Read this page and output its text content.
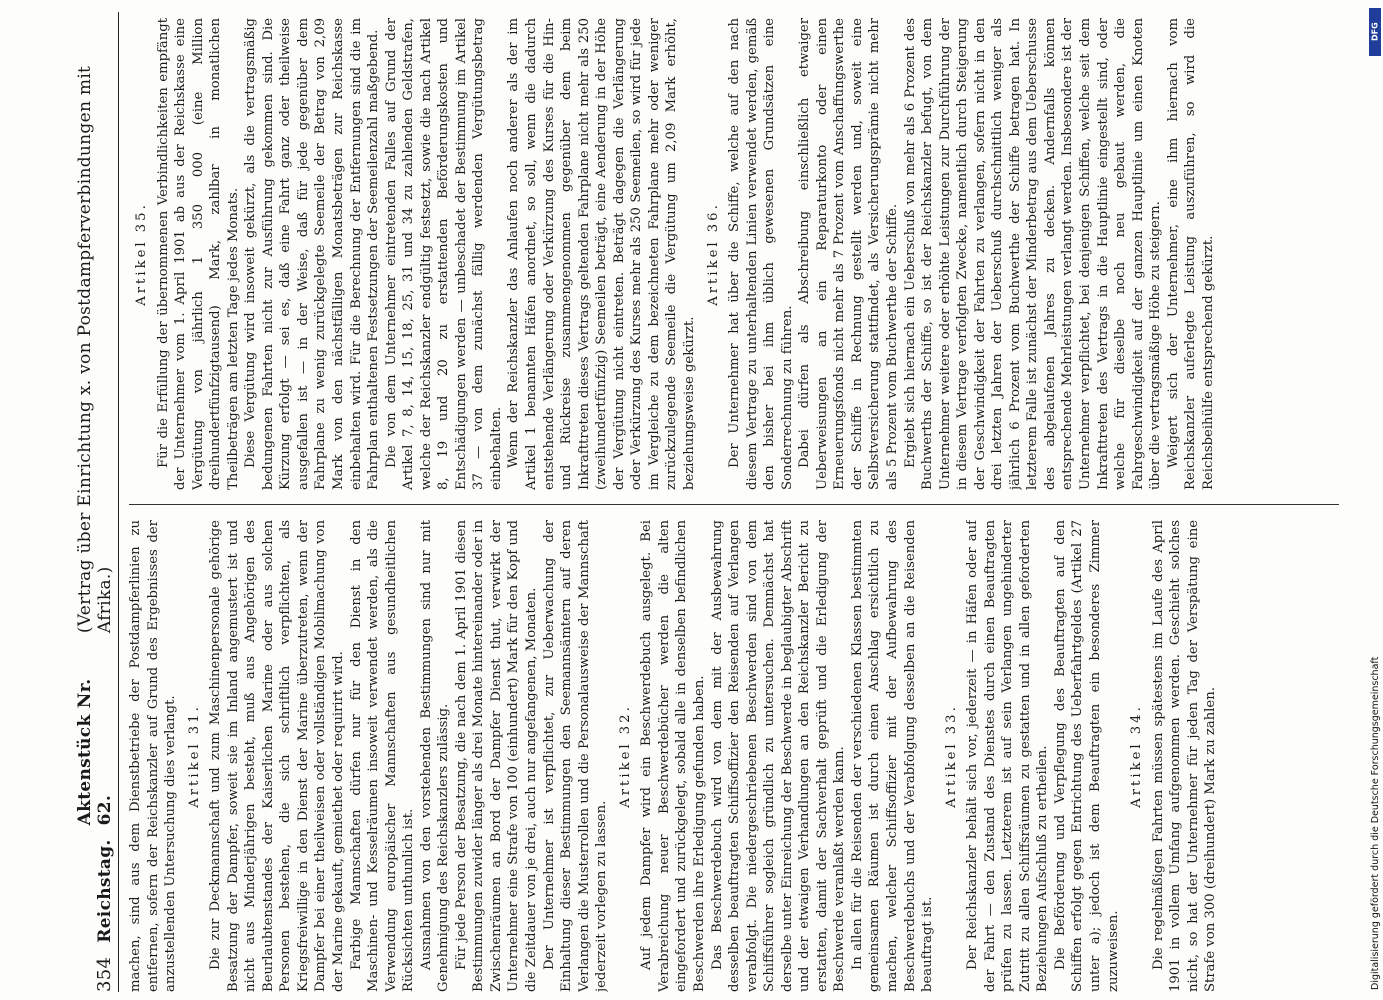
354
Reichstag.
Aktenstück Nr. 62.
(Vertrag über Einrichtung x. von Postdampferverbindungen mit Afrika.) machen, sind aus dem Dienstbetriebe der Postdampferlinien zu entfernen, sofern der Reichskanzler auf Grund des Ergebnisses der anzustellenden Untersuchung dies verlangt. Artikel 31. Die zur Deckmannschaft und zum Maschinenpersonale gehörige Besatzung der Dampfer, soweit sie im Inland angemustert ist und nicht aus Minderjährigen besteht, muß aus Angehörigen des Beurlaubtenstandes der Kaiserlichen Marine oder aus solchen Personen bestehen, die sich schriftlich verpflichten, als Kriegsfreiwillige in den Dienst der Marine überzutreten, wenn der Dampfer bei einer theilweisen oder vollständigen Mobilmachung von der Marine gekauft, gemiethet oder requirirt wird. Farbige Mannschaften dürfen nur für den Dienst in den Maschinen- und Kesselräumen insoweit verwendet werden, als die Verwendung europäischer Mannschaften aus gesundheitlichen Rücksichten unthunlich ist. Ausnahmen von den vorstehenden Bestimmungen sind nur mit Genehmigung des Reichskanzlers zulässig. Für jede Person der Besatzung, die nach dem 1. April 1901 diesen Bestimmungen zuwider länger als drei Monate hintereinander oder in Zwischenräumen an Bord der Dampfer Dienst thut, verwirkt der Unternehmer eine Strafe von 100 (einhundert) Mark für den Kopf und die Zeitdauer von je drei, auch nur angefangenen, Monaten. Der Unternehmer ist verpflichtet, zur Ueberwachung der Einhaltung dieser Bestimmungen den Seemannsämtern auf deren Verlangen die Musterrollen und die Personalausweise der Mannschaft jederzeit vorlegen zu lassen.

Artikel 32. Auf jedem Dampfer wird ein Beschwerdebuch ausgelegt. Bei Verabreichung neuer Beschwerdebücher werden die alten eingefordert und zurückgelegt, sobald alle in denselben befindlichen Beschwerden ihre Erledigung gefunden haben. Das Beschwerdebuch wird von dem mit der Ausbewahrung desselben beauftragten Schiffsoffizier den Reisenden auf Verlangen verabfolgt. Die niedergeschriebenen Beschwerden sind von dem Schiffsführer sogleich gründlich zu untersuchen. Demnächst hat derselbe unter Einreichung der Beschwerde in beglaubigter Abschrift und der etwaigen Verhandlungen an den Reichskanzler Bericht zu erstatten, damit der Sachverhalt geprüft und die Erledigung der Beschwerde veranlaßt werden kann. In allen für die Reisenden der verschiedenen Klassen bestimmten gemeinsamen Räumen ist durch einen Anschlag ersichtlich zu machen, welcher Schiffsoffizier mit der Aufbewahrung des Beschwerdebuchs und der Verabfolgung desselben an die Reisenden beauftragt ist.

Artikel 33. Der Reichskanzler behält sich vor, jederzeit — in Häfen oder auf der Fahrt — den Zustand des Dienstes durch einen Beauftragten prüfen zu lassen. Letzterem ist auf sein Verlangen ungehinderter Zutritt zu allen Schiffsräumen zu gestatten und in allen geforderten Beziehungen Aufschluß zu ertheilen. Die Beförderung und Verpflegung des Beauftragten auf den Schiffen erfolgt gegen Entrichtung des Ueberfahrtgeldes (Artikel 27 unter a); jedoch ist dem Beauftragten ein besonderes Zimmer zuzuweisen.

Artikel 34. Die regelmäßigen Fahrten müssen spätestens im Laufe des April 1901 in vollem Umfang aufgenommen werden. Geschieht solches nicht, so hat der Unternehmer für jeden Tag der Verspätung eine Strafe von 300 (dreihundert) Mark zu zahlen.

Artikel 35. Für die Erfüllung der übernommenen Verbindlichkeiten empfängt der Unternehmer vom 1. April 1901 ab aus der Reichskasse eine Vergütung von jährlich 1 350 000 (eine Million dreihundertfünfzigtausend) Mark, zahlbar in monatlichen Theilbeträgen am letzten Tage jedes Monats. Diese Vergütung wird insoweit gekürzt, als die vertragsmäßig bedungenen Fahrten nicht zur Ausführung gekommen sind. Die Kürzung erfolgt — sei es, daß eine Fahrt ganz oder theilweise ausgefallen ist — in der Weise, daß für jede gegenüber dem Fahrplane zu wenig zurückgelegte Seemeile der Betrag von 2,09 Mark von den nächstfälligen Monatsbeträgen zur Reichskasse einbehalten wird. Für die Berechnung der Entfernungen sind die im Fahrplan enthaltenen Festsetzungen der Seemeilenzahl maßgebend. Die von dem Unternehmer eintretenden Falles auf Grund der Artikel 7, 8, 14, 15, 18, 25, 31 und 34 zu zahlenden Geldstrafen, welche der Reichskanzler endgültig festsetzt, sowie die nach Artikel 8, 19 und 20 zu erstattenden Beförderungskosten und Entschädigungen werden — unbeschadet der Bestimmung im Artikel 37 — von dem zunächst fällig werdenden Vergütungsbetrag einbehalten. Wenn der Reichskanzler das Anlaufen noch anderer als der im Artikel 1 benannten Häfen anordnet, so soll, wenn die dadurch entstehende Verlängerung oder Verkürzung des Kurses für die Hin- und Rückreise zusammengenommen gegenüber dem beim Inkrafttreten dieses Vertrags geltenden Fahrplane nicht mehr als 250 (zweihundertfünfzig) Seemeilen beträgt, eine Aenderung in der Höhe der Vergütung nicht eintreten. Beträgt dagegen die Verlängerung oder Verkürzung des Kurses mehr als 250 Seemeilen, so wird für jede im Vergleiche zu dem bezeichneten Fahrplane mehr oder weniger zurückzulegende Seemeile die Vergütung um 2,09 Mark erhöht, beziehungsweise gekürzt.

Artikel 36. Der Unternehmer hat über die Schiffe, welche auf den nach diesem Vertrage zu unterhaltenden Linien verwendet werden, gemäß den bisher bei ihm üblich gewesenen Grundsätzen eine Sonderrechnung zu führen. Dabei dürfen als Abschreibung einschließlich etwaiger Ueberweisungen an ein Reparaturkonto oder einen Erneuerungsfonds nicht mehr als 7 Prozent vom Anschaffungswerthe der Schiffe in Rechnung gestellt werden und, soweit eine Selbstversicherung stattfindet, als Versicherungsprämie nicht mehr als 5 Prozent vom Buchwerthe der Schiffe. Ergiebt sich hiernach ein Ueberschuß von mehr als 6 Prozent des Buchwerths der Schiffe, so ist der Reichskanzler befugt, von dem Unternehmer weitere oder erhöhte Leistungen zur Durchführung der in diesem Vertrage verfolgten Zwecke, namentlich durch Steigerung der Geschwindigkeit der Fahrten zu verlangen, sofern nicht in den drei letzten Jahren der Ueberschuß durchschnittlich weniger als jährlich 6 Prozent vom Buchwerthe der Schiffe betragen hat. In letzterem Falle ist zunächst der Minderbetrag aus dem Ueberschusse des abgelaufenen Jahres zu decken. Andernfalls können entsprechende Mehrleistungen verlangt werden. Insbesondere ist der Unternehmer verpflichtet, bei denjenigen Schiffen, welche seit dem Inkrafttreten des Vertrags in die Hauptlinie eingestellt sind, oder welche für dieselbe noch neu gebaut werden, die Fahrgeschwindigkeit auf der ganzen Hauptlinie um einen Knoten über die vertragsmäßige Höhe zu steigern. Weigert sich der Unternehmer, eine ihm hiernach vom Reichskanzler auferlegte Leistung auszuführen, so wird die Reichsbeihülfe entsprechend gekürzt.

DFG
Digitalisierung gefördert durch die Deutsche Forschungsgemeinschaft
